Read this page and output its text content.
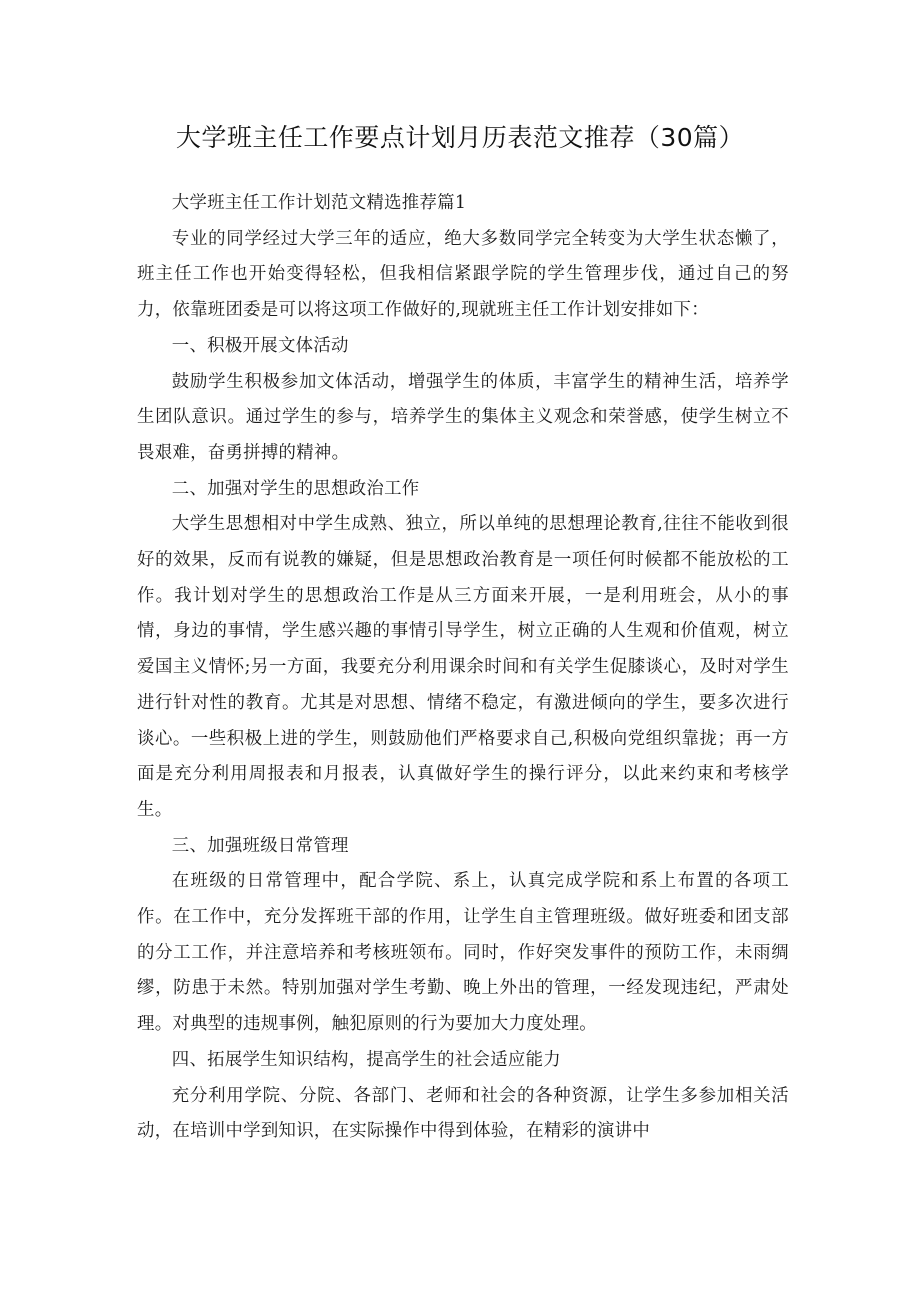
大学班主任工作要点计划月历表范文推荐（30篇）

大学班主任工作计划范文精选推荐篇1

专业的同学经过大学三年的适应，绝大多数同学完全转变为大学生状态懒了，班主任工作也开始变得轻松，但我相信紧跟学院的学生管理步伐，通过自己的努力，依靠班团委是可以将这项工作做好的,现就班主任工作计划安排如下：

一、积极开展文体活动

鼓励学生积极参加文体活动，增强学生的体质，丰富学生的精神生活，培养学生团队意识。通过学生的参与，培养学生的集体主义观念和荣誉感，使学生树立不畏艰难，奋勇拼搏的精神。

二、加强对学生的思想政治工作

大学生思想相对中学生成熟、独立，所以单纯的思想理论教育,往往不能收到很好的效果，反而有说教的嫌疑，但是思想政治教育是一项任何时候都不能放松的工作。我计划对学生的思想政治工作是从三方面来开展，一是利用班会，从小的事情，身边的事情，学生感兴趣的事情引导学生，树立正确的人生观和价值观，树立爱国主义情怀;另一方面，我要充分利用课余时间和有关学生促膝谈心，及时对学生进行针对性的教育。尤其是对思想、情绪不稳定，有激进倾向的学生，要多次进行谈心。一些积极上进的学生，则鼓励他们严格要求自己,积极向党组织靠拢；再一方面是充分利用周报表和月报表，认真做好学生的操行评分，以此来约束和考核学生。

三、加强班级日常管理

在班级的日常管理中，配合学院、系上，认真完成学院和系上布置的各项工作。在工作中，充分发挥班干部的作用，让学生自主管理班级。做好班委和团支部的分工工作，并注意培养和考核班领布。同时，作好突发事件的预防工作，未雨绸缪，防患于未然。特别加强对学生考勤、晚上外出的管理，一经发现违纪，严肃处理。对典型的违规事例，触犯原则的行为要加大力度处理。

四、拓展学生知识结构，提高学生的社会适应能力

充分利用学院、分院、各部门、老师和社会的各种资源，让学生多参加相关活动，在培训中学到知识，在实际操作中得到体验，在精彩的演讲中
